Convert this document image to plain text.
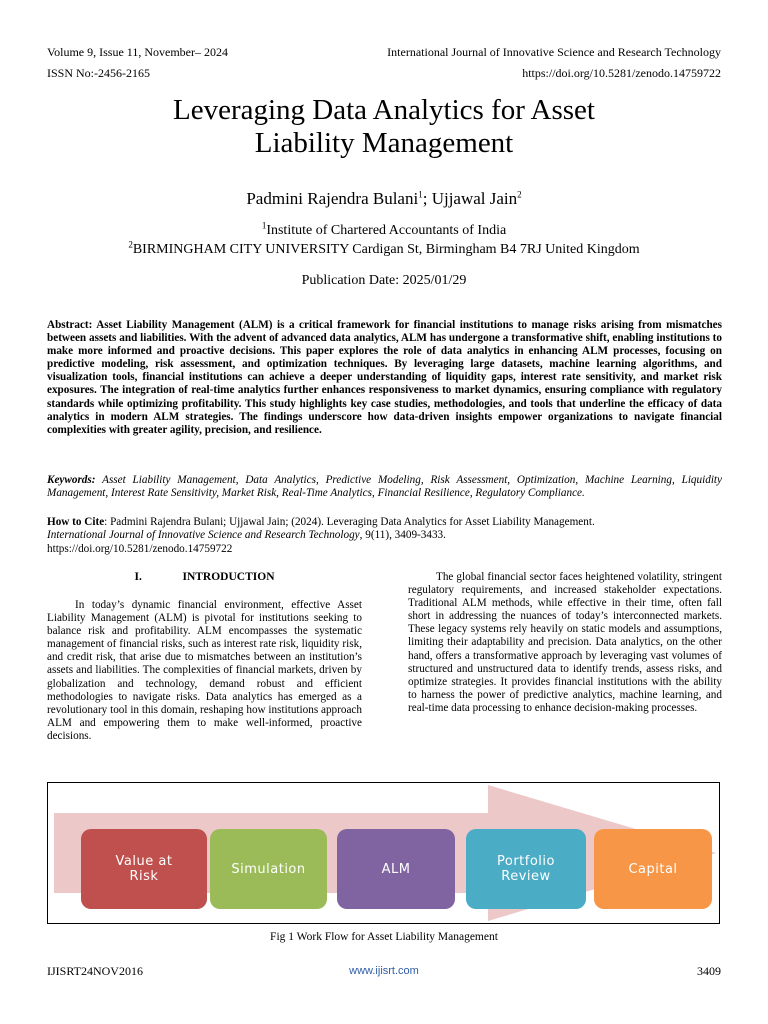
Volume 9, Issue 11, November– 2024	International Journal of Innovative Science and Research Technology
ISSN No:-2456-2165	https://doi.org/10.5281/zenodo.14759722
Leveraging Data Analytics for Asset
Liability Management
Padmini Rajendra Bulani$^1$; Ujjawal Jain$^2$
$^1$Institute of Chartered Accountants of India
$^2$BIRMINGHAM CITY UNIVERSITY Cardigan St, Birmingham B4 7RJ United Kingdom
Publication Date: 2025/01/29
Abstract: Asset Liability Management (ALM) is a critical framework for financial institutions to manage risks arising from mismatches between assets and liabilities. With the advent of advanced data analytics, ALM has undergone a transformative shift, enabling institutions to make more informed and proactive decisions. This paper explores the role of data analytics in enhancing ALM processes, focusing on predictive modeling, risk assessment, and optimization techniques. By leveraging large datasets, machine learning algorithms, and visualization tools, financial institutions can achieve a deeper understanding of liquidity gaps, interest rate sensitivity, and market risk exposures. The integration of real-time analytics further enhances responsiveness to market dynamics, ensuring compliance with regulatory standards while optimizing profitability. This study highlights key case studies, methodologies, and tools that underline the efficacy of data analytics in modern ALM strategies. The findings underscore how data-driven insights empower organizations to navigate financial complexities with greater agility, precision, and resilience.
Keywords: Asset Liability Management, Data Analytics, Predictive Modeling, Risk Assessment, Optimization, Machine Learning, Liquidity Management, Interest Rate Sensitivity, Market Risk, Real-Time Analytics, Financial Resilience, Regulatory Compliance.
How to Cite: Padmini Rajendra Bulani; Ujjawal Jain; (2024). Leveraging Data Analytics for Asset Liability Management.
International Journal of Innovative Science and Research Technology, 9(11), 3409-3433.
https://doi.org/10.5281/zenodo.14759722
I.	INTRODUCTION

In today’s dynamic financial environment, effective Asset Liability Management (ALM) is pivotal for institutions seeking to balance risk and profitability. ALM encompasses the systematic management of financial risks, such as interest rate risk, liquidity risk, and credit risk, that arise due to mismatches between an institution’s assets and liabilities. The complexities of financial markets, driven by globalization and technology, demand robust and efficient methodologies to navigate risks. Data analytics has emerged as a revolutionary tool in this domain, reshaping how institutions approach ALM and empowering them to make well-informed, proactive decisions.

The global financial sector faces heightened volatility, stringent regulatory requirements, and increased stakeholder expectations. Traditional ALM methods, while effective in their time, often fall short in addressing the nuances of today’s interconnected markets. These legacy systems rely heavily on static models and assumptions, limiting their adaptability and precision. Data analytics, on the other hand, offers a transformative approach by leveraging vast volumes of structured and unstructured data to identify trends, assess risks, and optimize strategies. It provides financial institutions with the ability to harness the power of predictive analytics, machine learning, and real-time data processing to enhance decision-making processes.

Value at Risk	Simulation	ALM	Portfolio Review	Capital
Fig 1 Work Flow for Asset Liability Management
IJISRT24NOV2016	www.ijisrt.com	3409
